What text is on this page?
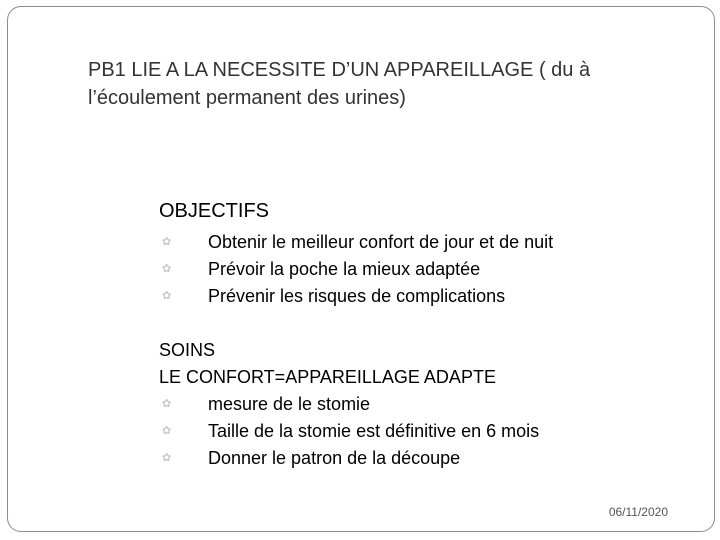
PB1 LIE A LA NECESSITE D’UN APPAREILLAGE ( du à l’écoulement permanent des urines)
OBJECTIFS
✿ Obtenir le meilleur confort de jour et de nuit
✿ Prévoir la poche la mieux adaptée
✿ Prévenir les risques de complications
SOINS
LE CONFORT=APPAREILLAGE ADAPTE
✿ mesure de le stomie
✿ Taille de la stomie est définitive en 6 mois
✿ Donner le patron de la découpe
06/11/2020
